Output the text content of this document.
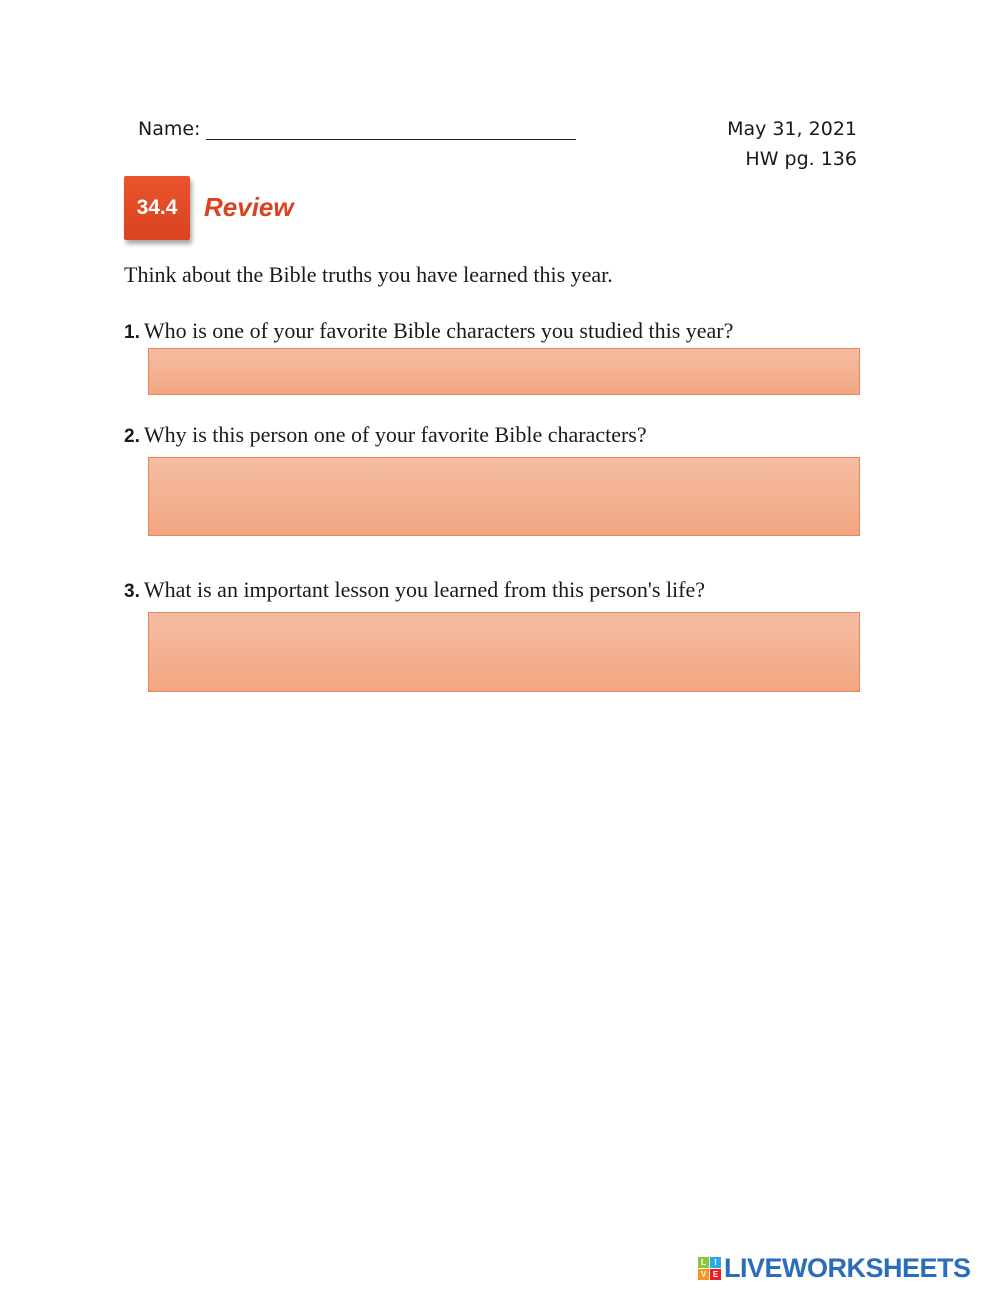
Name:	May 31, 2021
HW pg. 136
34.4	Review
Think about the Bible truths you have learned this year.
1. Who is one of your favorite Bible characters you studied this year?
2. Why is this person one of your favorite Bible characters?
3. What is an important lesson you learned from this person's life?
L	I
V E LIVEWORKSHEETS
